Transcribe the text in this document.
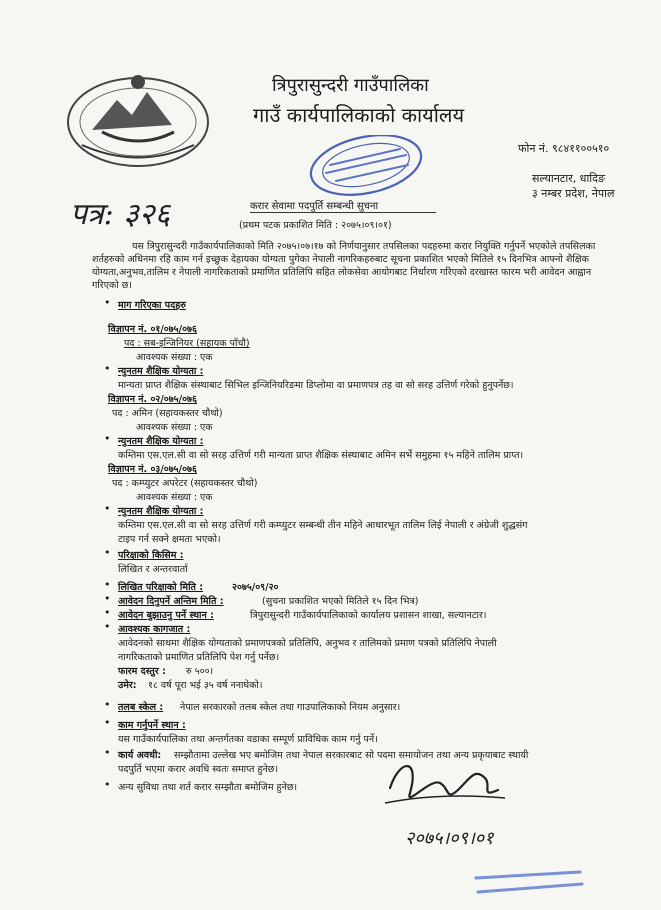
त्रिपुरासुन्दरी गाउँपालिका
गाउँ कार्यपालिकाको कार्यालय
फोन नं. ९८४११००५१०
सल्यानटार, धादिङ
३ नम्बर प्रदेश, नेपाल
पत्र: ३२६	करार सेवामा पदपुर्ति सम्बन्धी सुचना
(प्रथम पटक प्रकाशित मिति : २०७५।०९।०१)
यस त्रिपुरासुन्दरी गाउँकार्यपालिकाको मिति २०७५।०७।१७ को निर्णयानुसार तपसिलका पदहरुमा करार नियुक्ति गर्नुपर्ने भएकोले तपसिलका शर्तहरुको अधिनमा रहि काम गर्न इच्छुक देहायका योग्यता पुगेका नेपाली नागरिकहरुबाट सूचना प्रकाशित भएको मितिले १५ दिनभित्र आफ्नो शैक्षिक योग्यता,अनुभव,तालिम र नेपाली नागरिकताको प्रमाणित प्रतिलिपि सहित लोकसेवा आयोगबाट निर्धारण गरिएको दरखास्त फारम भरी आवेदन आह्वान गरिएको छ।
• माग गरिएका पदहरु
विज्ञापन नं. ०१/०७५/०७६
पद : सब-इन्जिनियर (सहायक पाँचौ)
आवश्यक संख्या : एक
• न्युनतम शैक्षिक योग्यता :
मान्यता प्राप्त शैक्षिक संस्थाबाट सिभिल इन्जिनियरिङमा डिप्लोमा वा प्रमाणपत्र तह वा सो सरह उत्तिर्ण गरेको हुनुपर्नेछ।
विज्ञापन नं. ०२/०७५/०७६
पद : अमिन (सहायकस्तर चौथो)
आवश्यक संख्या : एक
• न्युनतम शैक्षिक योग्यता :
कम्तिमा एस.एल.सी वा सो सरह उत्तिर्ण गरी मान्यता प्राप्त शैक्षिक संस्थाबाट अमिन सर्भे समुहमा १५ महिने तालिम प्राप्त।
विज्ञापन नं. ०३/०७५/०७६
पद : कम्प्युटर अपरेटर (सहायकस्तर चौथो)
आवश्यक संख्या : एक
• न्युनतम शैक्षिक योग्यता :
कम्तिमा एस.एल.सी वा सो सरह उत्तिर्ण गरी कम्प्युटर सम्बन्धी तीन महिने आधारभूत तालिम लिई नेपाली र अंग्रेजी शुद्धसंग
टाइप गर्न सक्ने क्षमता भएको।
• परिक्षाको किसिम :
लिखित र अन्तरवार्ता
• लिखित परिक्षाको मिति :	२०७५/०९/२०
• आवेदन दिनुपर्ने अन्तिम मिति :	(सुचना प्रकाशित भएको मितिले १५ दिन भित्र)
• आवेदन बुझाउनु पर्ने स्थान :	त्रिपुरासुन्दरी गाउँकार्यपालिकाको कार्यालय प्रशासन शाखा, सल्यानटार।
• आवश्यक कागजात :
आवेदनको साथमा शैक्षिक योग्यताको प्रमाणपत्रको प्रतिलिपि, अनुभव र तालिमको प्रमाण पत्रको प्रतिलिपि नेपाली
नागरिकताको प्रमाणित प्रतिलिपि पेश गर्नु पर्नेछ।
फारम दस्तुर : रु ५००।
उमेर: १८ वर्ष पूरा भई ३५ वर्ष ननाघेको।
• तलब स्केल : नेपाल सरकारको तलब स्केल तथा गाउपालिकाको नियम अनुसार।
• काम गर्नुपर्ने स्थान :
यस गाउँकार्यपालिका तथा अन्तर्गतका वडाका सम्पूर्ण प्राविधिक काम गर्नु पर्ने।
• कार्य अवधी: सम्झौतामा उल्लेख भए बमोजिम तथा नेपाल सरकारबाट सो पदमा समायोजन तथा अन्य प्रकृयाबाट स्थायी
पदपुर्ति भएमा करार अवधि स्वतः समाप्त हुनेछ।
• अन्य सुविधा तथा शर्त करार सम्झौता बमोजिम हुनेछ।
२०७५।०९।०१
